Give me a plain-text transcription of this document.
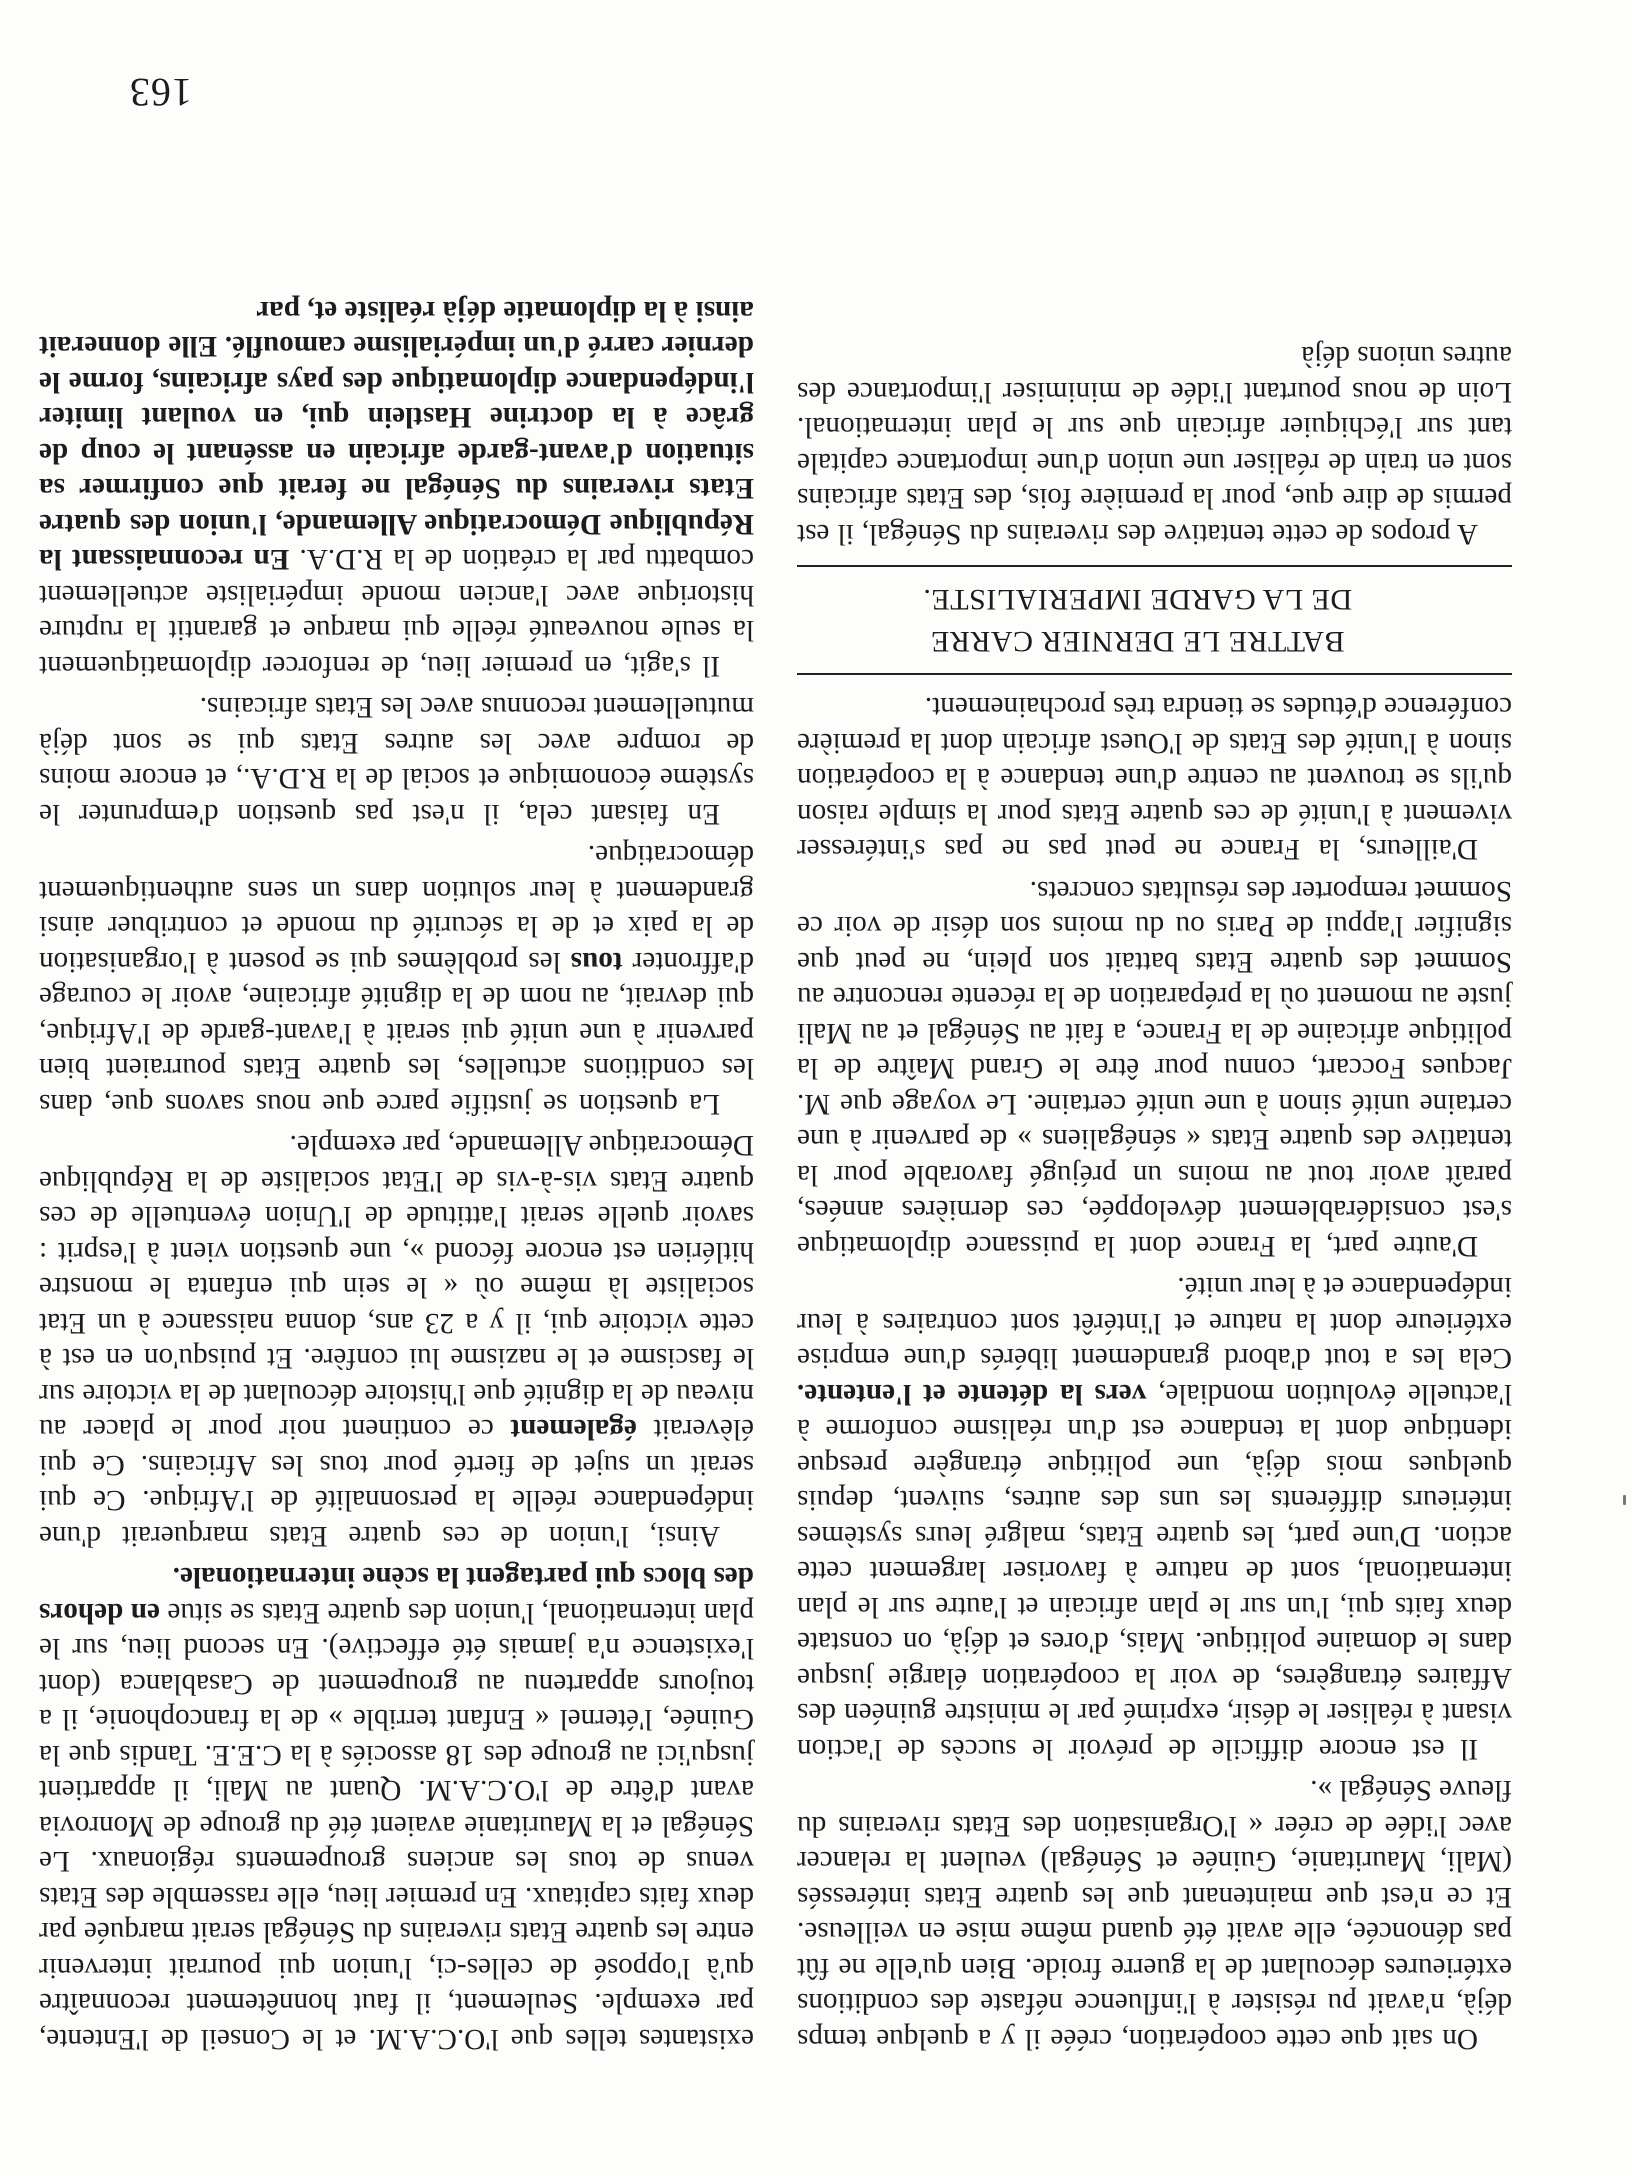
On sait que cette coopération, créée il y a quelque temps déjà, n'avait pu résister à l'influence néfaste des conditions extérieures découlant de la guerre froide. Bien qu'elle ne fût pas dénoncée, elle avait été quand même mise en veilleuse. Et ce n'est que maintenant que les quatre Etats intéressés (Mali, Mauritanie, Guinée et Sénégal) veulent la relancer avec l'idée de créer « l'Organisation des Etats riverains du fleuve Sénégal ».

Il est encore difficile de prévoir le succès de l'action visant à réaliser le désir, exprimé par le ministre guinéen des Affaires étrangères, de voir la coopération élargie jusque dans le domaine politique. Mais, d'ores et déjà, on constate deux faits qui, l'un sur le plan africain et l'autre sur le plan international, sont de nature à favoriser largement cette action. D'une part, les quatre Etats, malgré leurs systèmes intérieurs différents les uns des autres, suivent, depuis quelques mois déjà, une politique étrangère presque identique dont la tendance est d'un réalisme conforme à l'actuelle évolution mondiale, vers la détente et l'entente. Cela les a tout d'abord grandement libérés d'une emprise extérieure dont la nature et l'intérêt sont contraires à leur indépendance et à leur unité.

D'autre part, la France dont la puissance diplomatique s'est considérablement développée, ces dernières années, paraît avoir tout au moins un préjugé favorable pour la tentative des quatre Etats « sénégaliens » de parvenir à une certaine unité sinon à une unité certaine. Le voyage que M. Jacques Foccart, connu pour être le Grand Maître de la politique africaine de la France, a fait au Sénégal et au Mali juste au moment où la préparation de la récente rencontre au Sommet des quatre Etats battait son plein, ne peut que signifier l'appui de Paris ou du moins son désir de voir ce Sommet remporter des résultats concrets.

D'ailleurs, la France ne peut pas ne pas s'intéresser vivement à l'unité de ces quatre Etats pour la simple raison qu'ils se trouvent au centre d'une tendance à la coopération sinon à l'unité des Etats de l'Ouest africain dont la première conférence d'études se tiendra très prochainement.

BATTRE LE DERNIER CARRE

DE LA GARDE IMPERIALISTE.

A propos de cette tentative des riverains du Sénégal, il est permis de dire que, pour la première fois, des Etats africains sont en train de réaliser une union d'une importance capitale tant sur l'échiquier africain que sur le plan international. Loin de nous pourtant l'idée de minimiser l'importance des autres unions déjà

existantes telles que l'O.C.A.M. et le Conseil de l'Entente, par exemple. Seulement, il faut honnêtement reconnaître qu'à l'opposé de celles-ci, l'union qui pourrait intervenir entre les quatre Etats riverains du Sénégal serait marquée par deux faits capitaux. En premier lieu, elle rassemble des Etats venus de tous les anciens groupements régionaux. Le Sénégal et la Mauritanie avaient été du groupe de Monrovia avant d'être de l'O.C.A.M. Quant au Mali, il appartient jusqu'ici au groupe des 18 associés à la C.E.E. Tandis que la Guinée, l'éternel « Enfant terrible » de la francophonie, il a toujours appartenu au groupement de Casablanca (dont l'existence n'a jamais été effective). En second lieu, sur le plan international, l'union des quatre Etats se situe en dehors des blocs qui partagent la scène internationale.

Ainsi, l'union de ces quatre Etats marquerait d'une indépendance réelle la personnalité de l'Afrique. Ce qui serait un sujet de fierté pour tous les Africains. Ce qui élèverait également ce continent noir pour le placer au niveau de la dignité que l'histoire découlant de la victoire sur le fascisme et le nazisme lui confère. Et puisqu'on en est à cette victoire qui, il y a 23 ans, donna naissance à un Etat socialiste là même où « le sein qui enfanta le monstre hitlérien est encore fécond », une question vient à l'esprit : savoir quelle serait l'attitude de l'Union éventuelle de ces quatre Etats vis-à-vis de l'Etat socialiste de la République Démocratique Allemande, par exemple.

La question se justifie parce que nous savons que, dans les conditions actuelles, les quatre Etats pourraient bien parvenir à une unité qui serait à l'avant-garde de l'Afrique, qui devrait, au nom de la dignité africaine, avoir le courage d'affronter tous les problèmes qui se posent à l'organisation de la paix et de la sécurité du monde et contribuer ainsi grandement à leur solution dans un sens authentiquement démocratique.

En faisant cela, il n'est pas question d'emprunter le système économique et social de la R.D.A., et encore moins de rompre avec les autres Etats qui se sont déjà mutuellement reconnus avec les Etats africains.

Il s'agit, en premier lieu, de renforcer diplomatiquement la seule nouveauté réelle qui marque et garantit la rupture historique avec l'ancien monde impérialiste actuellement combattu par la création de la R.D.A. En reconnaissant la République Démocratique Allemande, l'union des quatre Etats riverains du Sénégal ne ferait que confirmer sa situation d'avant-garde africain en assénant le coup de grâce à la doctrine Hastlein qui, en voulant limiter l'indépendance diplomatique des pays africains, forme le dernier carré d'un impérialisme camouflé. Elle donnerait ainsi à la diplomatie déjà réaliste et, par

163
